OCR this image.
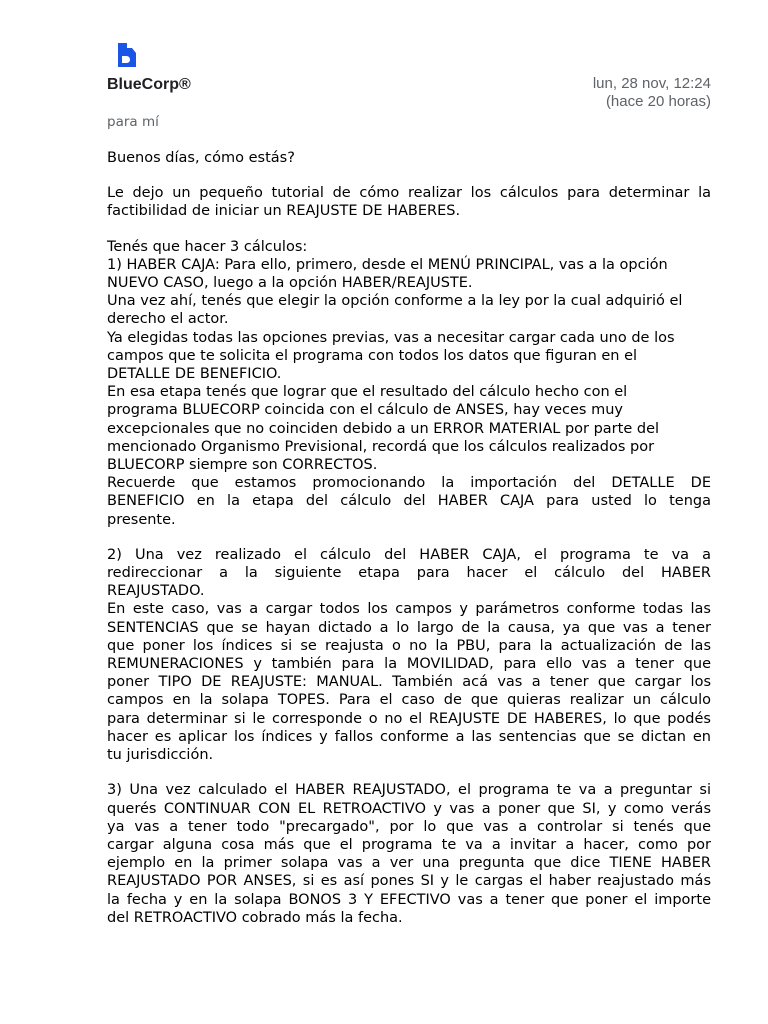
BlueCorp®	lun, 28 nov, 12:24
(hace 20 horas)
para mí

Buenos días, cómo estás?

Le dejo un pequeño tutorial de cómo realizar los cálculos para determinar la
factibilidad de iniciar un REAJUSTE DE HABERES.

Tenés que hacer 3 cálculos:
1) HABER CAJA: Para ello, primero, desde el MENÚ PRINCIPAL, vas a la opción
NUEVO CASO, luego a la opción HABER/REAJUSTE.
Una vez ahí, tenés que elegir la opción conforme a la ley por la cual adquirió el
derecho el actor.
Ya elegidas todas las opciones previas, vas a necesitar cargar cada uno de los
campos que te solicita el programa con todos los datos que figuran en el
DETALLE DE BENEFICIO.
En esa etapa tenés que lograr que el resultado del cálculo hecho con el
programa BLUECORP coincida con el cálculo de ANSES, hay veces muy
excepcionales que no coinciden debido a un ERROR MATERIAL por parte del
mencionado Organismo Previsional, recordá que los cálculos realizados por
BLUECORP siempre son CORRECTOS.
Recuerde que estamos promocionando la importación del DETALLE DE
BENEFICIO en la etapa del cálculo del HABER CAJA para usted lo tenga
presente.

2) Una vez realizado el cálculo del HABER CAJA, el programa te va a
redireccionar a la siguiente etapa para hacer el cálculo del HABER
REAJUSTADO.
En este caso, vas a cargar todos los campos y parámetros conforme todas las
SENTENCIAS que se hayan dictado a lo largo de la causa, ya que vas a tener
que poner los índices si se reajusta o no la PBU, para la actualización de las
REMUNERACIONES y también para la MOVILIDAD, para ello vas a tener que
poner TIPO DE REAJUSTE: MANUAL. También acá vas a tener que cargar los
campos en la solapa TOPES. Para el caso de que quieras realizar un cálculo
para determinar si le corresponde o no el REAJUSTE DE HABERES, lo que podés
hacer es aplicar los índices y fallos conforme a las sentencias que se dictan en
tu jurisdicción.

3) Una vez calculado el HABER REAJUSTADO, el programa te va a preguntar si
querés CONTINUAR CON EL RETROACTIVO y vas a poner que SI, y como verás
ya vas a tener todo "precargado", por lo que vas a controlar si tenés que
cargar alguna cosa más que el programa te va a invitar a hacer, como por
ejemplo en la primer solapa vas a ver una pregunta que dice TIENE HABER
REAJUSTADO POR ANSES, si es así pones SI y le cargas el haber reajustado más
la fecha y en la solapa BONOS 3 Y EFECTIVO vas a tener que poner el importe
del RETROACTIVO cobrado más la fecha.
